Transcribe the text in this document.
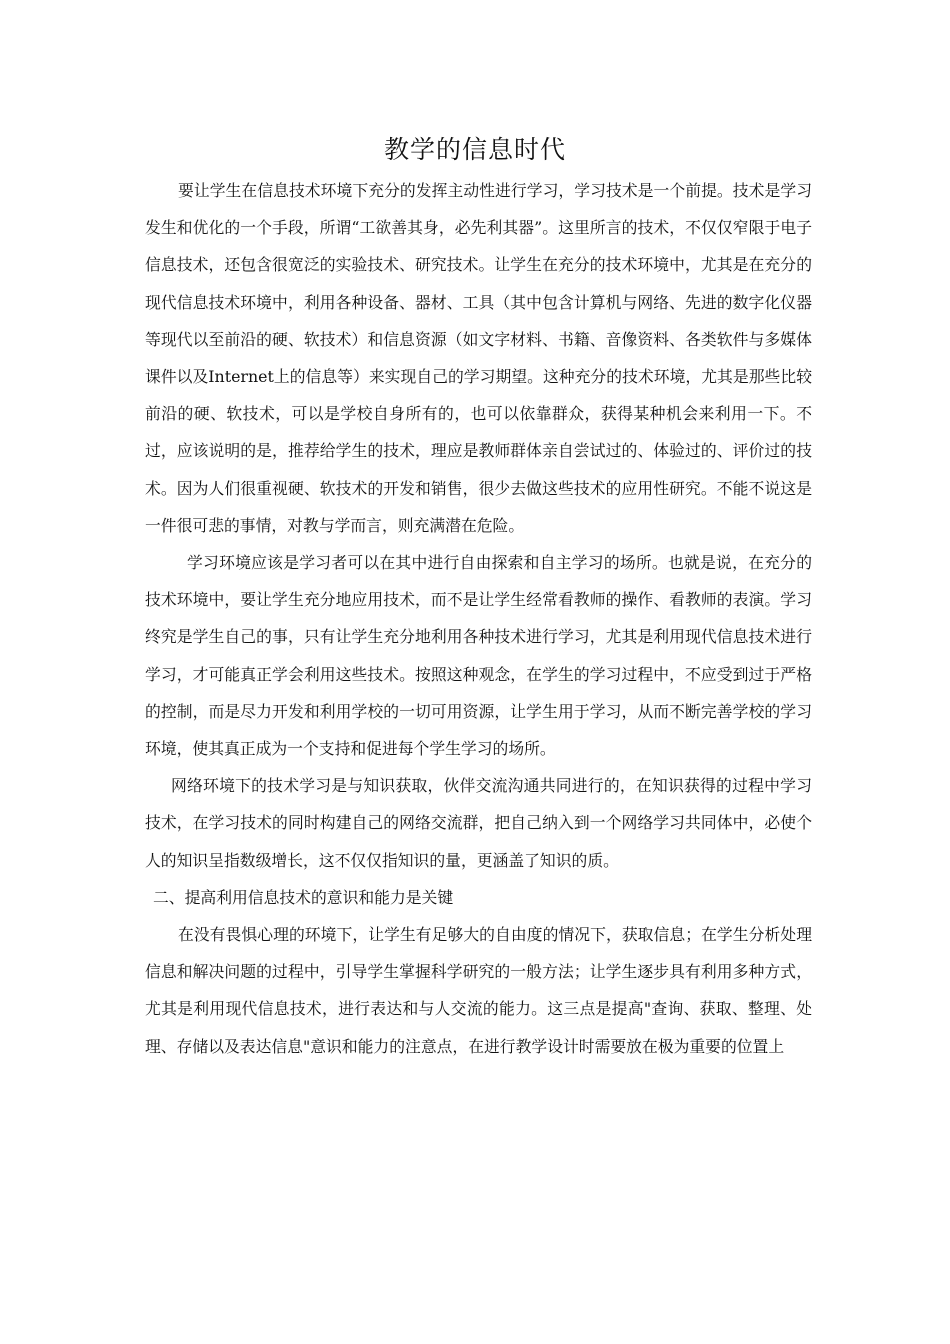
教学的信息时代

要让学生在信息技术环境下充分的发挥主动性进行学习，学习技术是一个前提。技术是学习发生和优化的一个手段，所谓“工欲善其身，必先利其器”。这里所言的技术，不仅仅窄限于电子信息技术，还包含很宽泛的实验技术、研究技术。让学生在充分的技术环境中，尤其是在充分的现代信息技术环境中，利用各种设备、器材、工具（其中包含计算机与网络、先进的数字化仪器等现代以至前沿的硬、软技术）和信息资源（如文字材料、书籍、音像资料、各类软件与多媒体课件以及Internet上的信息等）来实现自己的学习期望。这种充分的技术环境，尤其是那些比较前沿的硬、软技术，可以是学校自身所有的，也可以依靠群众，获得某种机会来利用一下。不过，应该说明的是，推荐给学生的技术，理应是教师群体亲自尝试过的、体验过的、评价过的技术。因为人们很重视硬、软技术的开发和销售，很少去做这些技术的应用性研究。不能不说这是一件很可悲的事情，对教与学而言，则充满潜在危险。

学习环境应该是学习者可以在其中进行自由探索和自主学习的场所。也就是说，在充分的技术环境中，要让学生充分地应用技术，而不是让学生经常看教师的操作、看教师的表演。学习终究是学生自己的事，只有让学生充分地利用各种技术进行学习，尤其是利用现代信息技术进行学习，才可能真正学会利用这些技术。按照这种观念，在学生的学习过程中，不应受到过于严格的控制，而是尽力开发和利用学校的一切可用资源，让学生用于学习，从而不断完善学校的学习环境，使其真正成为一个支持和促进每个学生学习的场所。

网络环境下的技术学习是与知识获取，伙伴交流沟通共同进行的，在知识获得的过程中学习技术，在学习技术的同时构建自己的网络交流群，把自己纳入到一个网络学习共同体中，必使个人的知识呈指数级增长，这不仅仅指知识的量，更涵盖了知识的质。

二、提高利用信息技术的意识和能力是关键

在没有畏惧心理的环境下，让学生有足够大的自由度的情况下，获取信息；在学生分析处理信息和解决问题的过程中，引导学生掌握科学研究的一般方法；让学生逐步具有利用多种方式，尤其是利用现代信息技术，进行表达和与人交流的能力。这三点是提高"查询、获取、整理、处理、存储以及表达信息"意识和能力的注意点，在进行教学设计时需要放在极为重要的位置上
